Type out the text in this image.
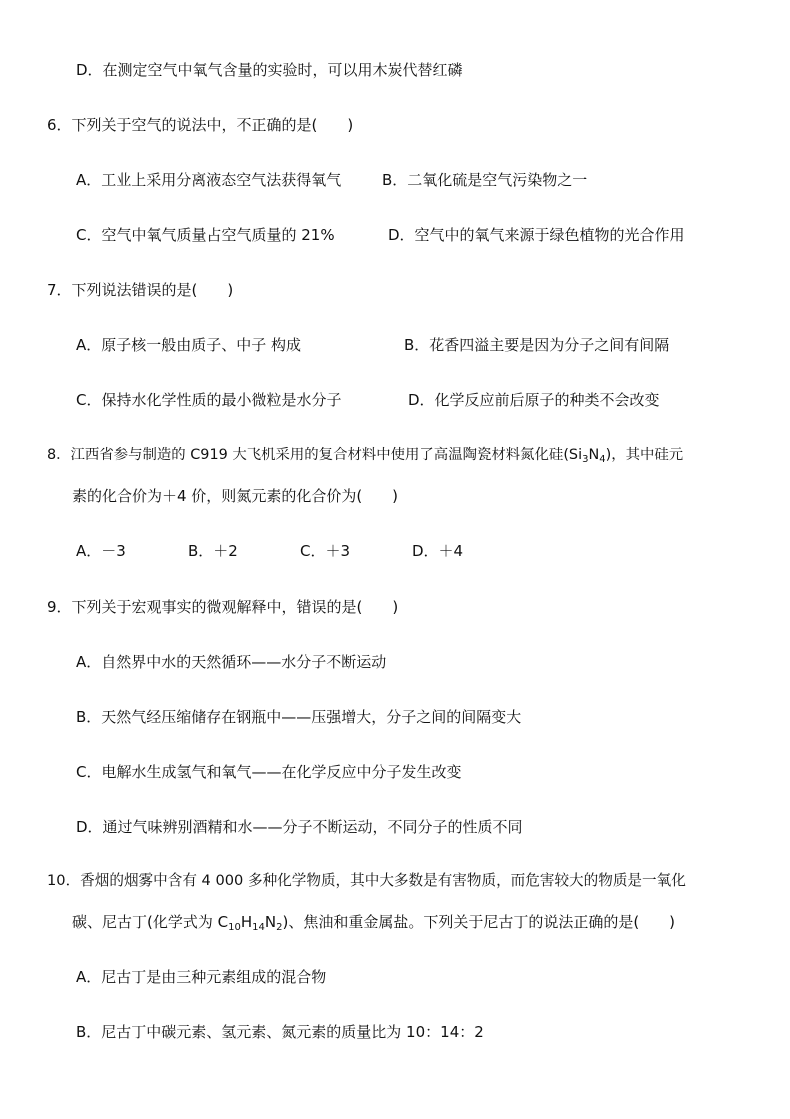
D．在测定空气中氧气含量的实验时，可以用木炭代替红磷
6．下列关于空气的说法中，不正确的是(　　)
A．工业上采用分离液态空气法获得氧气	B．二氧化硫是空气污染物之一
C．空气中氧气质量占空气质量的 21%	D．空气中的氧气来源于绿色植物的光合作用
7．下列说法错误的是(　　)
A．原子核一般由质子、中子 构成	B．花香四溢主要是因为分子之间有间隔
C．保持水化学性质的最小微粒是水分子	D．化学反应前后原子的种类不会改变
8．江西省参与制造的 C919 大飞机采用的复合材料中使用了高温陶瓷材料氮化硅$(Si_3N_4)$，其中硅元
素的化合价为＋4 价，则氮元素的化合价为(　　)
A．－3	B．＋2	C．＋3	D．＋4
9．下列关于宏观事实的微观解释中，错误的是(　　)
A．自然界中水的天然循环——水分子不断运动
B．天然气经压缩储存在钢瓶中——压强增大，分子之间的间隔变大
C．电解水生成氢气和氧气——在化学反应中分子发生改变
D．通过气味辨别酒精和水——分子不断运动，不同分子的性质不同
10．香烟的烟雾中含有 4 000 多种化学物质，其中大多数是有害物质，而危害较大的物质是一氧化
碳、尼古丁(化学式为 $C_{10}H_{14}N_2$)、焦油和重金属盐。下列关于尼古丁的说法正确的是(　　)
A．尼古丁是由三种元素组成的混合物
B．尼古丁中碳元素、氢元素、氮元素的质量比为 10：14：2
